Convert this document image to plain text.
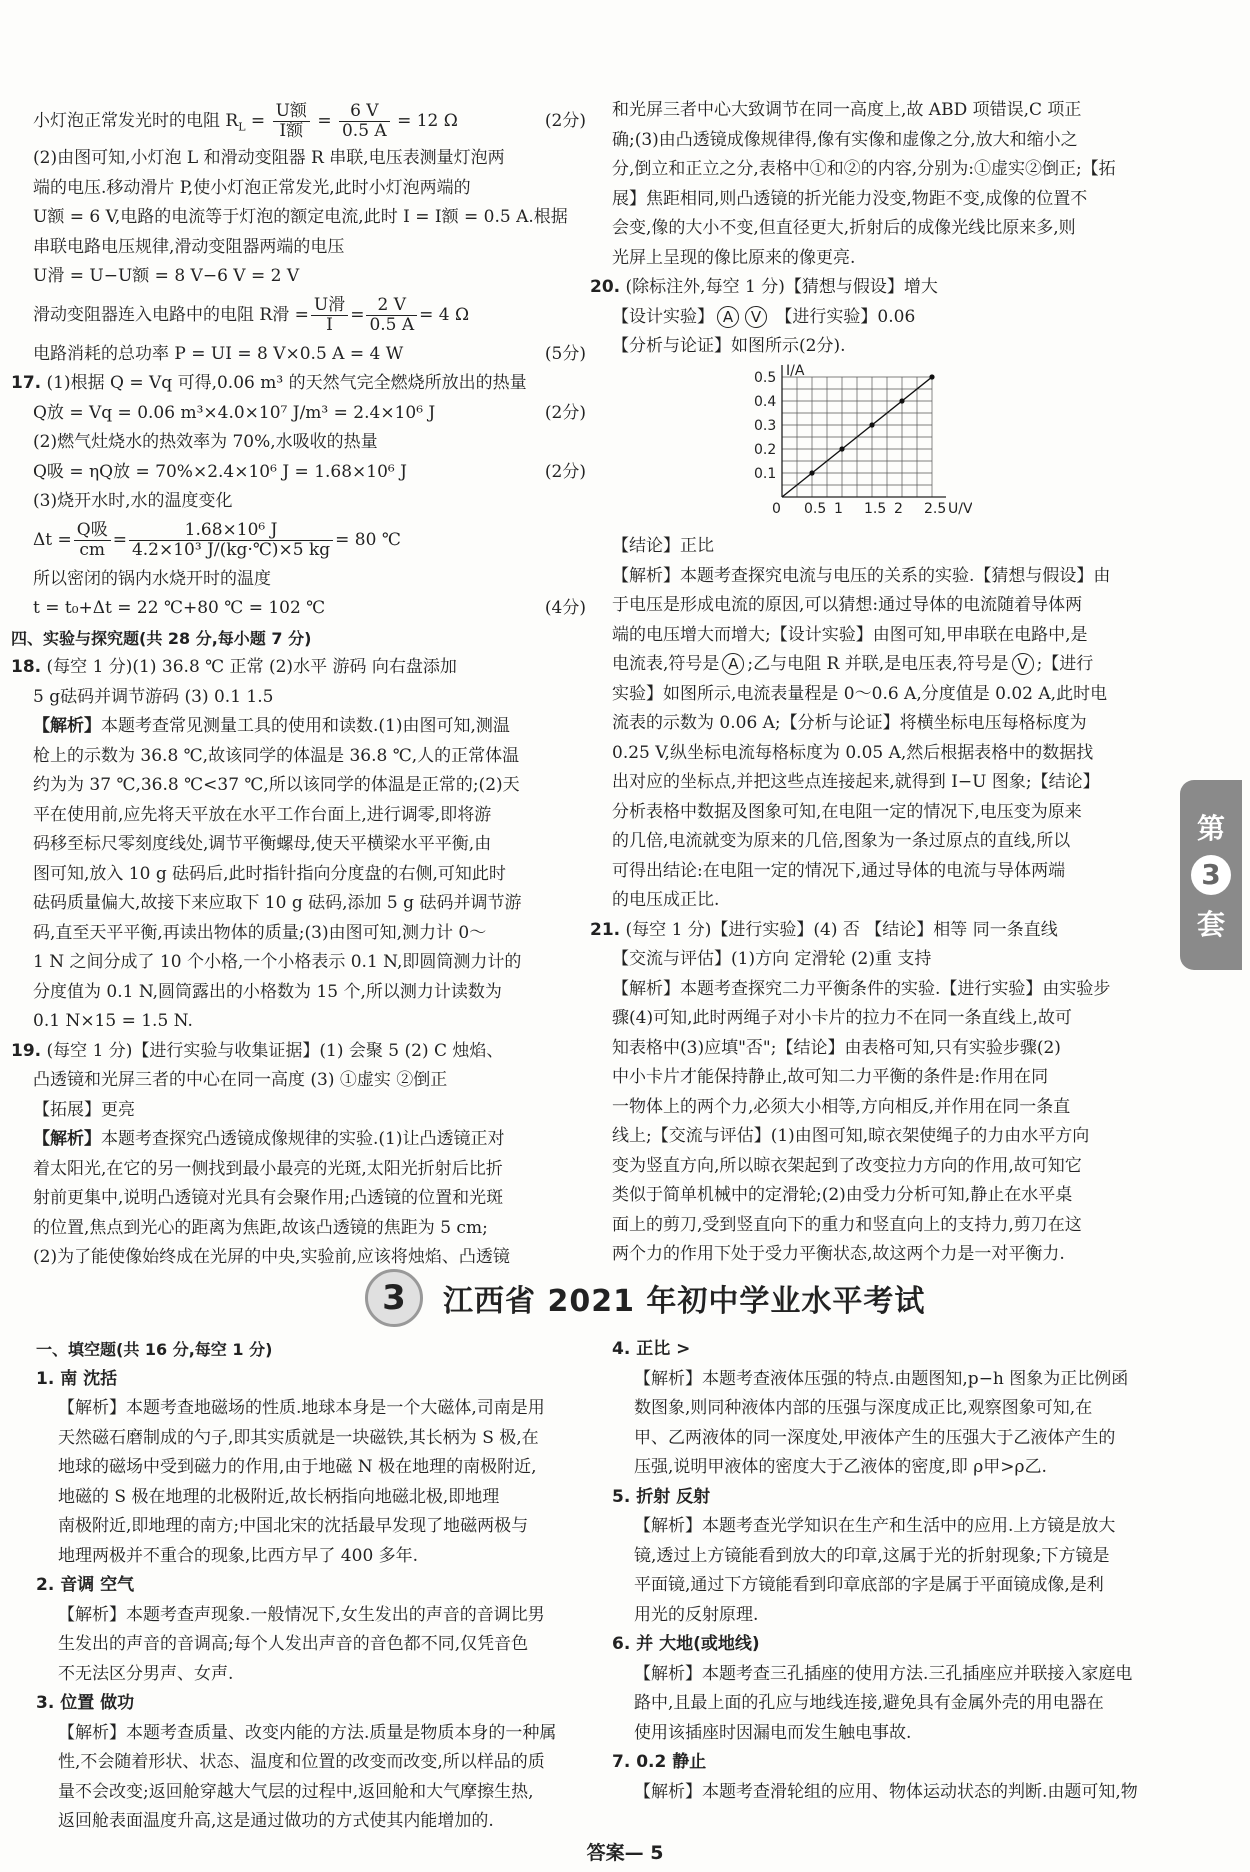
小灯泡正常发光时的电阻 $R_L = \frac{\text{U额}}{\text{I额}} = \frac{6 V}{0.5 A} = 12$ Ω	(2分)

(2)由图可知,小灯泡 L 和滑动变阻器 R 串联,电压表测量灯泡两

端的电压.移动滑片 P,使小灯泡正常发光,此时小灯泡两端的

U额 = 6 V,电路的电流等于灯泡的额定电流,此时 I = I额 = 0.5 A.根据

串联电路电压规律,滑动变阻器两端的电压

U滑 = U−U额 = 8 V−6 V = 2 V

滑动变阻器连入电路中的电阻 R滑 = $\frac{\text{U滑}}{I} = \frac{2 V}{0.5 A} = 4$ Ω
电路消耗的总功率 P = UI = 8 V×0.5 A = 4 W	(5分)

17. (1)根据 Q = Vq 可得,0.06 m³ 的天然气完全燃烧所放出的热量

Q放 = Vq = 0.06 m³×4.0×10⁷ J/m³ = 2.4×10⁶ J	(2分)

(2)燃气灶烧水的热效率为 70%,水吸收的热量

Q吸 = ηQ放 = 70%×2.4×10⁶ J = 1.68×10⁶ J	(2分)

(3)烧开水时,水的温度变化

$\Delta t = \frac{\text{Q吸}}{cm} = \frac{\text{1.68×10⁶ J}}{\text{4.2×10³ J/(kg·℃)×5 kg}} = 80$ ℃

所以密闭的锅内水烧开时的温度

t = t₀+Δt = 22 ℃+80 ℃ = 102 ℃	(4分)

四、实验与探究题(共 28 分,每小题 7 分)

18. (每空 1 分)(1) 36.8 ℃ 正常 (2)水平 游码 向右盘添加

5 g砝码并调节游码 (3) 0.1 1.5

【解析】本题考查常见测量工具的使用和读数.(1)由图可知,测温

枪上的示数为 36.8 ℃,故该同学的体温是 36.8 ℃,人的正常体温

约为为 37 ℃,36.8 ℃<37 ℃,所以该同学的体温是正常的;(2)天

平在使用前,应先将天平放在水平工作台面上,进行调零,即将游

码移至标尺零刻度线处,调节平衡螺母,使天平横梁水平平衡,由

图可知,放入 10 g 砝码后,此时指针指向分度盘的右侧,可知此时

砝码质量偏大,故接下来应取下 10 g 砝码,添加 5 g 砝码并调节游

码,直至天平平衡,再读出物体的质量;(3)由图可知,测力计 0～

1 N 之间分成了 10 个小格,一个小格表示 0.1 N,即圆筒测力计的

分度值为 0.1 N,圆筒露出的小格数为 15 个,所以测力计读数为

0.1 N×15 = 1.5 N.

19. (每空 1 分)【进行实验与收集证据】(1) 会聚 5 (2) C 烛焰、

凸透镜和光屏三者的中心在同一高度 (3) ①虚实 ②倒正

【拓展】更亮

【解析】本题考查探究凸透镜成像规律的实验.(1)让凸透镜正对

着太阳光,在它的另一侧找到最小最亮的光斑,太阳光折射后比折

射前更集中,说明凸透镜对光具有会聚作用;凸透镜的位置和光斑

的位置,焦点到光心的距离为焦距,故该凸透镜的焦距为 5 cm;

(2)为了能使像始终成在光屏的中央,实验前,应该将烛焰、凸透镜

和光屏三者中心大致调节在同一高度上,故 ABD 项错误,C 项正

确;(3)由凸透镜成像规律得,像有实像和虚像之分,放大和缩小之

分,倒立和正立之分,表格中①和②的内容,分别为:①虚实②倒正;【拓

展】焦距相同,则凸透镜的折光能力没变,物距不变,成像的位置不

会变,像的大小不变,但直径更大,折射后的成像光线比原来多,则

光屏上呈现的像比原来的像更亮.

20. (除标注外,每空 1 分)【猜想与假设】增大

【设计实验】 A V 【进行实验】0.06

【分析与论证】如图所示(2分).

0 0.5 1 1.5 2 2.5
0.1
0.2
0.3
0.4
0.5
U/V
I/A

【结论】正比

【解析】本题考查探究电流与电压的关系的实验.【猜想与假设】由

于电压是形成电流的原因,可以猜想:通过导体的电流随着导体两

端的电压增大而增大;【设计实验】由图可知,甲串联在电路中,是

电流表,符号是 A ;乙与电阻 R 并联,是电压表,符号是 V ;【进行

实验】如图所示,电流表量程是 0～0.6 A,分度值是 0.02 A,此时电

流表的示数为 0.06 A;【分析与论证】将横坐标电压每格标度为

0.25 V,纵坐标电流每格标度为 0.05 A,然后根据表格中的数据找

出对应的坐标点,并把这些点连接起来,就得到 I−U 图象;【结论】

分析表格中数据及图象可知,在电阻一定的情况下,电压变为原来

的几倍,电流就变为原来的几倍,图象为一条过原点的直线,所以

可得出结论:在电阻一定的情况下,通过导体的电流与导体两端

的电压成正比.

21. (每空 1 分)【进行实验】(4) 否 【结论】相等 同一条直线

【交流与评估】(1)方向 定滑轮 (2)重 支持

【解析】本题考查探究二力平衡条件的实验.【进行实验】由实验步

骤(4)可知,此时两绳子对小卡片的拉力不在同一条直线上,故可

知表格中(3)应填"否";【结论】由表格可知,只有实验步骤(2)

中小卡片才能保持静止,故可知二力平衡的条件是:作用在同

一物体上的两个力,必须大小相等,方向相反,并作用在同一条直

线上;【交流与评估】(1)由图可知,晾衣架使绳子的力由水平方向

变为竖直方向,所以晾衣架起到了改变拉力方向的作用,故可知它

类似于简单机械中的定滑轮;(2)由受力分析可知,静止在水平桌

面上的剪刀,受到竖直向下的重力和竖直向上的支持力,剪刀在这

两个力的作用下处于受力平衡状态,故这两个力是一对平衡力.

第
3
套
3	江西省 2021 年初中学业水平考试

一、填空题(共 16 分,每空 1 分)

1. 南 沈括

【解析】本题考查地磁场的性质.地球本身是一个大磁体,司南是用

天然磁石磨制成的勺子,即其实质就是一块磁铁,其长柄为 S 极,在

地球的磁场中受到磁力的作用,由于地磁 N 极在地理的南极附近,

地磁的 S 极在地理的北极附近,故长柄指向地磁北极,即地理

南极附近,即地理的南方;中国北宋的沈括最早发现了地磁两极与

地理两极并不重合的现象,比西方早了 400 多年.

2. 音调 空气

【解析】本题考查声现象.一般情况下,女生发出的声音的音调比男

生发出的声音的音调高;每个人发出声音的音色都不同,仅凭音色

不无法区分男声、女声.

3. 位置 做功

【解析】本题考查质量、改变内能的方法.质量是物质本身的一种属

性,不会随着形状、状态、温度和位置的改变而改变,所以样品的质

量不会改变;返回舱穿越大气层的过程中,返回舱和大气摩擦生热,

返回舱表面温度升高,这是通过做功的方式使其内能增加的.

4. 正比 >

【解析】本题考查液体压强的特点.由题图知,p−h 图象为正比例函

数图象,则同种液体内部的压强与深度成正比,观察图象可知,在

甲、乙两液体的同一深度处,甲液体产生的压强大于乙液体产生的

压强,说明甲液体的密度大于乙液体的密度,即 ρ甲>ρ乙.

5. 折射 反射

【解析】本题考查光学知识在生产和生活中的应用.上方镜是放大

镜,透过上方镜能看到放大的印章,这属于光的折射现象;下方镜是

平面镜,通过下方镜能看到印章底部的字是属于平面镜成像,是利

用光的反射原理.

6. 并 大地(或地线)

【解析】本题考查三孔插座的使用方法.三孔插座应并联接入家庭电

路中,且最上面的孔应与地线连接,避免具有金属外壳的用电器在

使用该插座时因漏电而发生触电事故.

7. 0.2 静止

【解析】本题考查滑轮组的应用、物体运动状态的判断.由题可知,物

答案— 5
